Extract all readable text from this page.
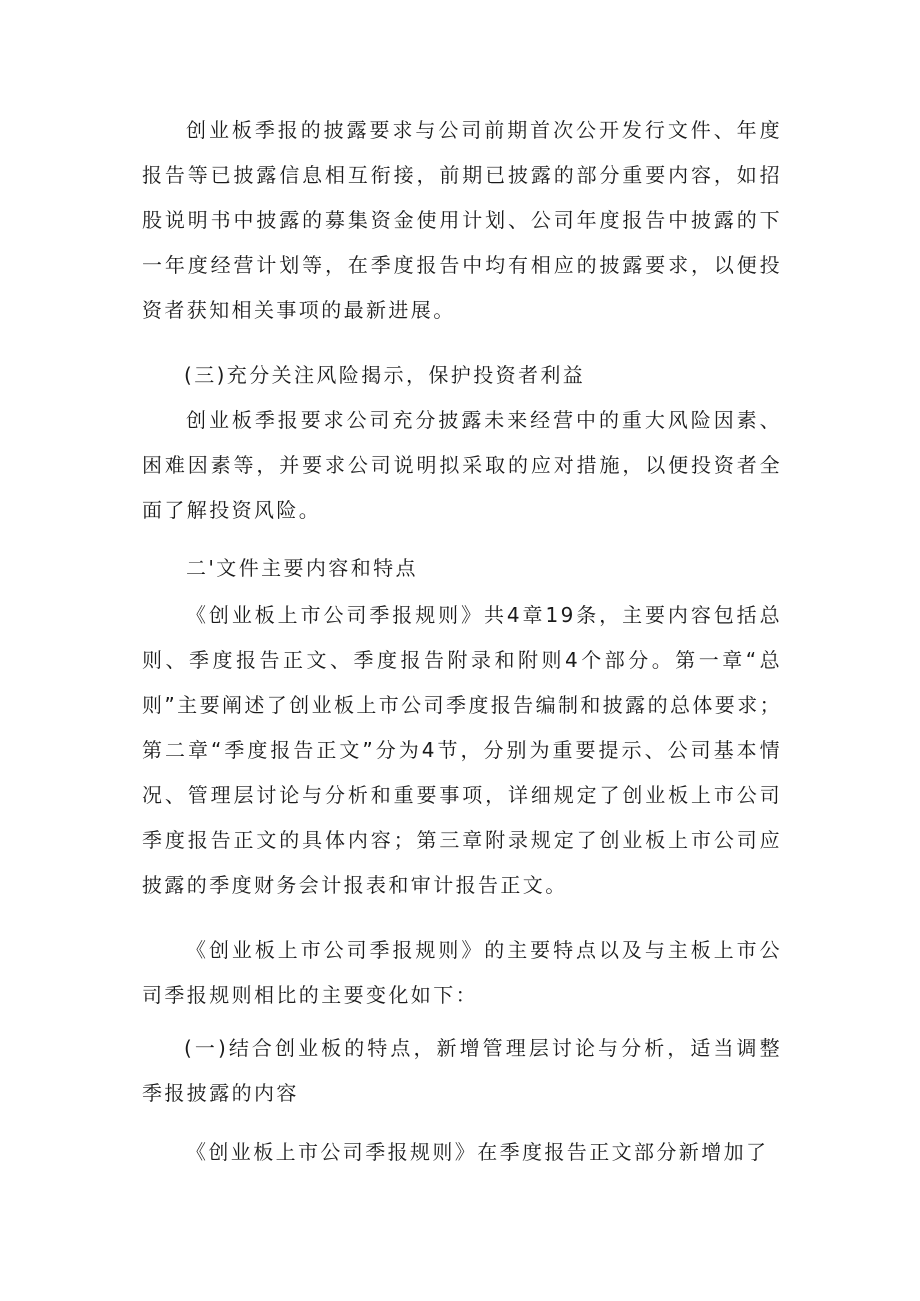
创业板季报的披露要求与公司前期首次公开发行文件、年度报告等已披露信息相互衔接，前期已披露的部分重要内容，如招股说明书中披露的募集资金使用计划、公司年度报告中披露的下一年度经营计划等，在季度报告中均有相应的披露要求，以便投资者获知相关事项的最新进展。

(三)充分关注风险揭示，保护投资者利益

创业板季报要求公司充分披露未来经营中的重大风险因素、困难因素等，并要求公司说明拟采取的应对措施，以便投资者全面了解投资风险。

二'文件主要内容和特点

《创业板上市公司季报规则》共4章19条，主要内容包括总则、季度报告正文、季度报告附录和附则4个部分。第一章“总则”主要阐述了创业板上市公司季度报告编制和披露的总体要求；第二章“季度报告正文”分为4节，分别为重要提示、公司基本情况、管理层讨论与分析和重要事项，详细规定了创业板上市公司季度报告正文的具体内容；第三章附录规定了创业板上市公司应披露的季度财务会计报表和审计报告正文。

《创业板上市公司季报规则》的主要特点以及与主板上市公司季报规则相比的主要变化如下：

(一)结合创业板的特点，新增管理层讨论与分析，适当调整季报披露的内容

《创业板上市公司季报规则》在季度报告正文部分新增加了
